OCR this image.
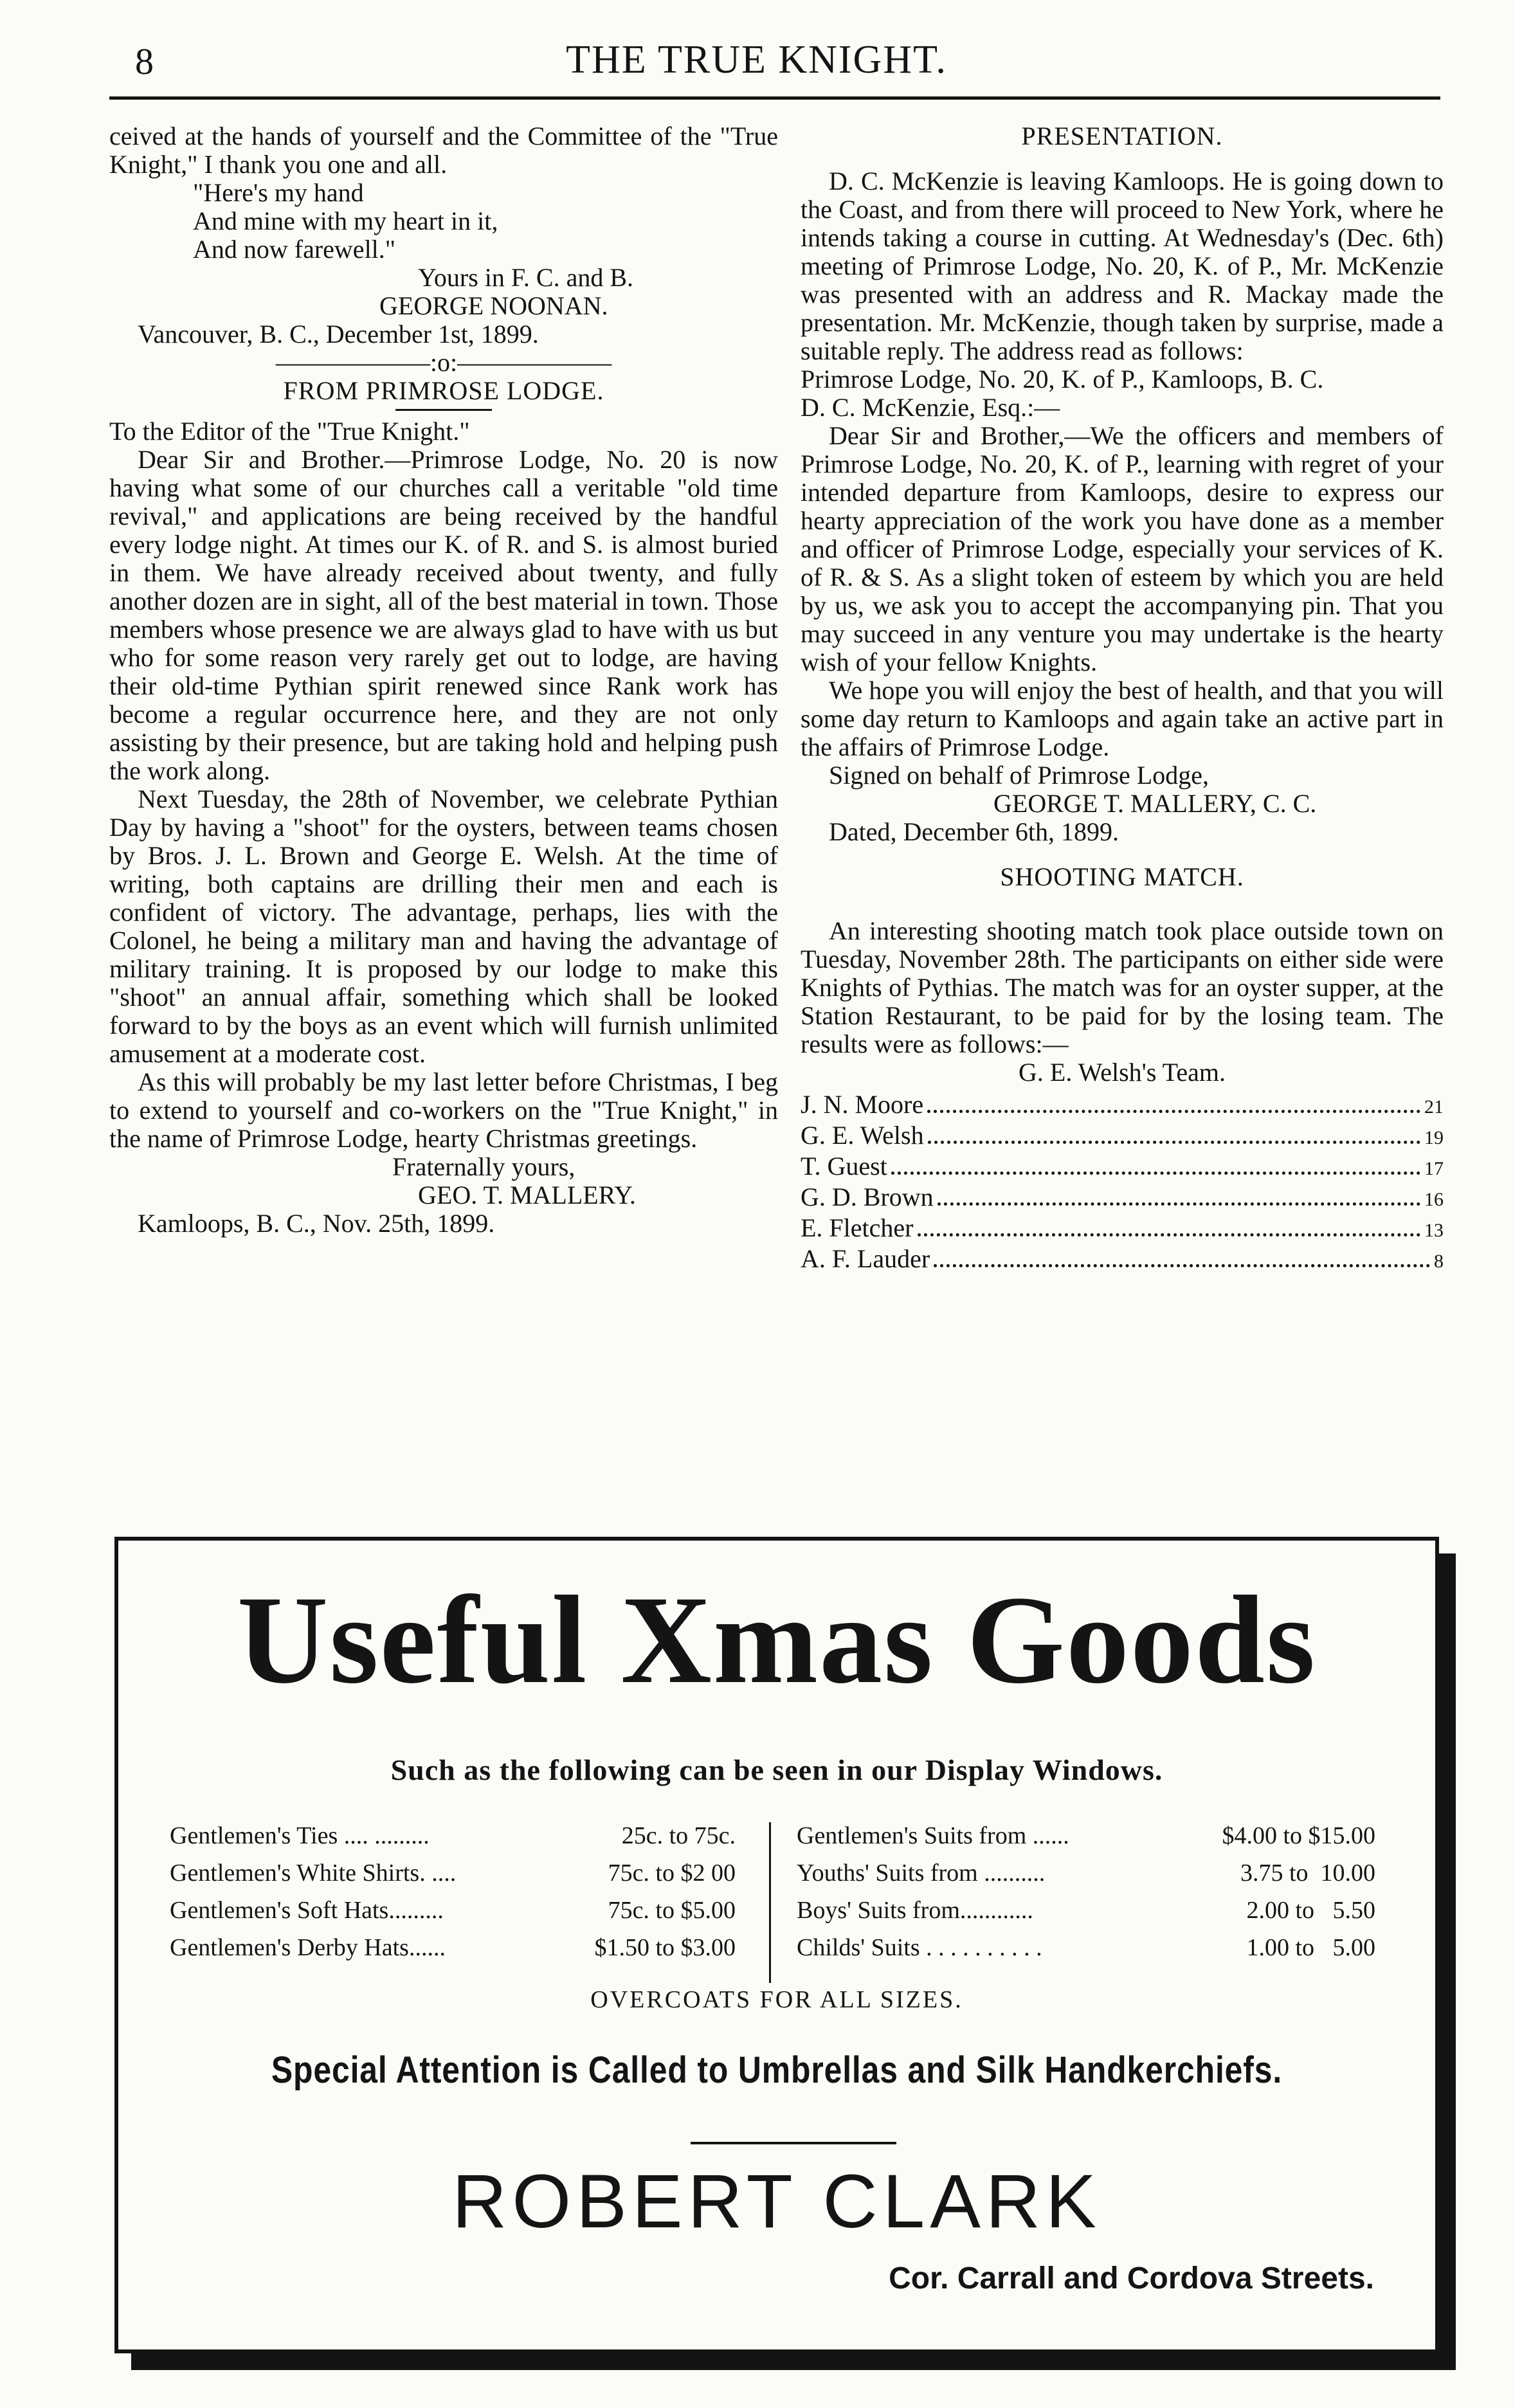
8	THE TRUE KNIGHT.

ceived at the hands of yourself and the Committee of the "True Knight," I thank you one and all.

"Here's my hand
And mine with my heart in it,
And now farewell."

Yours in F. C. and B.

GEORGE NOONAN.

Vancouver, B. C., December 1st, 1899.

——————:o:——————

FROM PRIMROSE LODGE.

To the Editor of the "True Knight."

Dear Sir and Brother.—Primrose Lodge, No. 20 is now having what some of our churches call a veritable "old time revival," and applications are being received by the handful every lodge night. At times our K. of R. and S. is almost buried in them. We have already received about twenty, and fully another dozen are in sight, all of the best material in town. Those members whose presence we are always glad to have with us but who for some reason very rarely get out to lodge, are having their old-time Pythian spirit renewed since Rank work has become a regular occurrence here, and they are not only assisting by their presence, but are taking hold and helping push the work along.

Next Tuesday, the 28th of November, we celebrate Pythian Day by having a "shoot" for the oysters, between teams chosen by Bros. J. L. Brown and George E. Welsh. At the time of writing, both captains are drilling their men and each is confident of victory. The advantage, perhaps, lies with the Colonel, he being a military man and having the advantage of military training. It is proposed by our lodge to make this "shoot" an annual affair, something which shall be looked forward to by the boys as an event which will furnish unlimited amusement at a moderate cost.

As this will probably be my last letter before Christmas, I beg to extend to yourself and co-workers on the "True Knight," in the name of Primrose Lodge, hearty Christmas greetings.

Fraternally yours,

GEO. T. MALLERY.

Kamloops, B. C., Nov. 25th, 1899.

PRESENTATION.

D. C. McKenzie is leaving Kamloops. He is going down to the Coast, and from there will proceed to New York, where he intends taking a course in cutting. At Wednesday's (Dec. 6th) meeting of Primrose Lodge, No. 20, K. of P., Mr. McKenzie was presented with an address and R. Mackay made the presentation. Mr. McKenzie, though taken by surprise, made a suitable reply. The address read as follows:

Primrose Lodge, No. 20, K. of P., Kamloops, B. C.

D. C. McKenzie, Esq.:—

Dear Sir and Brother,—We the officers and members of Primrose Lodge, No. 20, K. of P., learning with regret of your intended departure from Kamloops, desire to express our hearty appreciation of the work you have done as a member and officer of Primrose Lodge, especially your services of K. of R. & S. As a slight token of esteem by which you are held by us, we ask you to accept the accompanying pin. That you may succeed in any venture you may undertake is the hearty wish of your fellow Knights.

We hope you will enjoy the best of health, and that you will some day return to Kamloops and again take an active part in the affairs of Primrose Lodge.

Signed on behalf of Primrose Lodge,

GEORGE T. MALLERY, C. C.

Dated, December 6th, 1899.

SHOOTING MATCH.

An interesting shooting match took place outside town on Tuesday, November 28th. The participants on either side were Knights of Pythias. The match was for an oyster supper, at the Station Restaurant, to be paid for by the losing team. The results were as follows:—

G. E. Welsh's Team.

J. N. Moore	21
G. E. Welsh	19
T. Guest	17
G. D. Brown	16
E. Fletcher	13
A. F. Lauder	8
Useful Xmas Goods
Such as the following can be seen in our Display Windows.
Gentlemen's Ties .... .........	25c. to 75c.
Gentlemen's White Shirts. ....	75c. to $2 00
Gentlemen's Soft Hats.........	75c. to $5.00
Gentlemen's Derby Hats......	$1.50 to $3.00
Gentlemen's Suits from ......	$4.00 to $15.00
Youths' Suits from ..........	3.75 to  10.00
Boys' Suits from............	2.00 to   5.50
Childs' Suits . . . . . . . . . .	1.00 to   5.00
OVERCOATS FOR ALL SIZES.
Special Attention is Called to Umbrellas and Silk Handkerchiefs.
ROBERT CLARK
Cor. Carrall and Cordova Streets.
